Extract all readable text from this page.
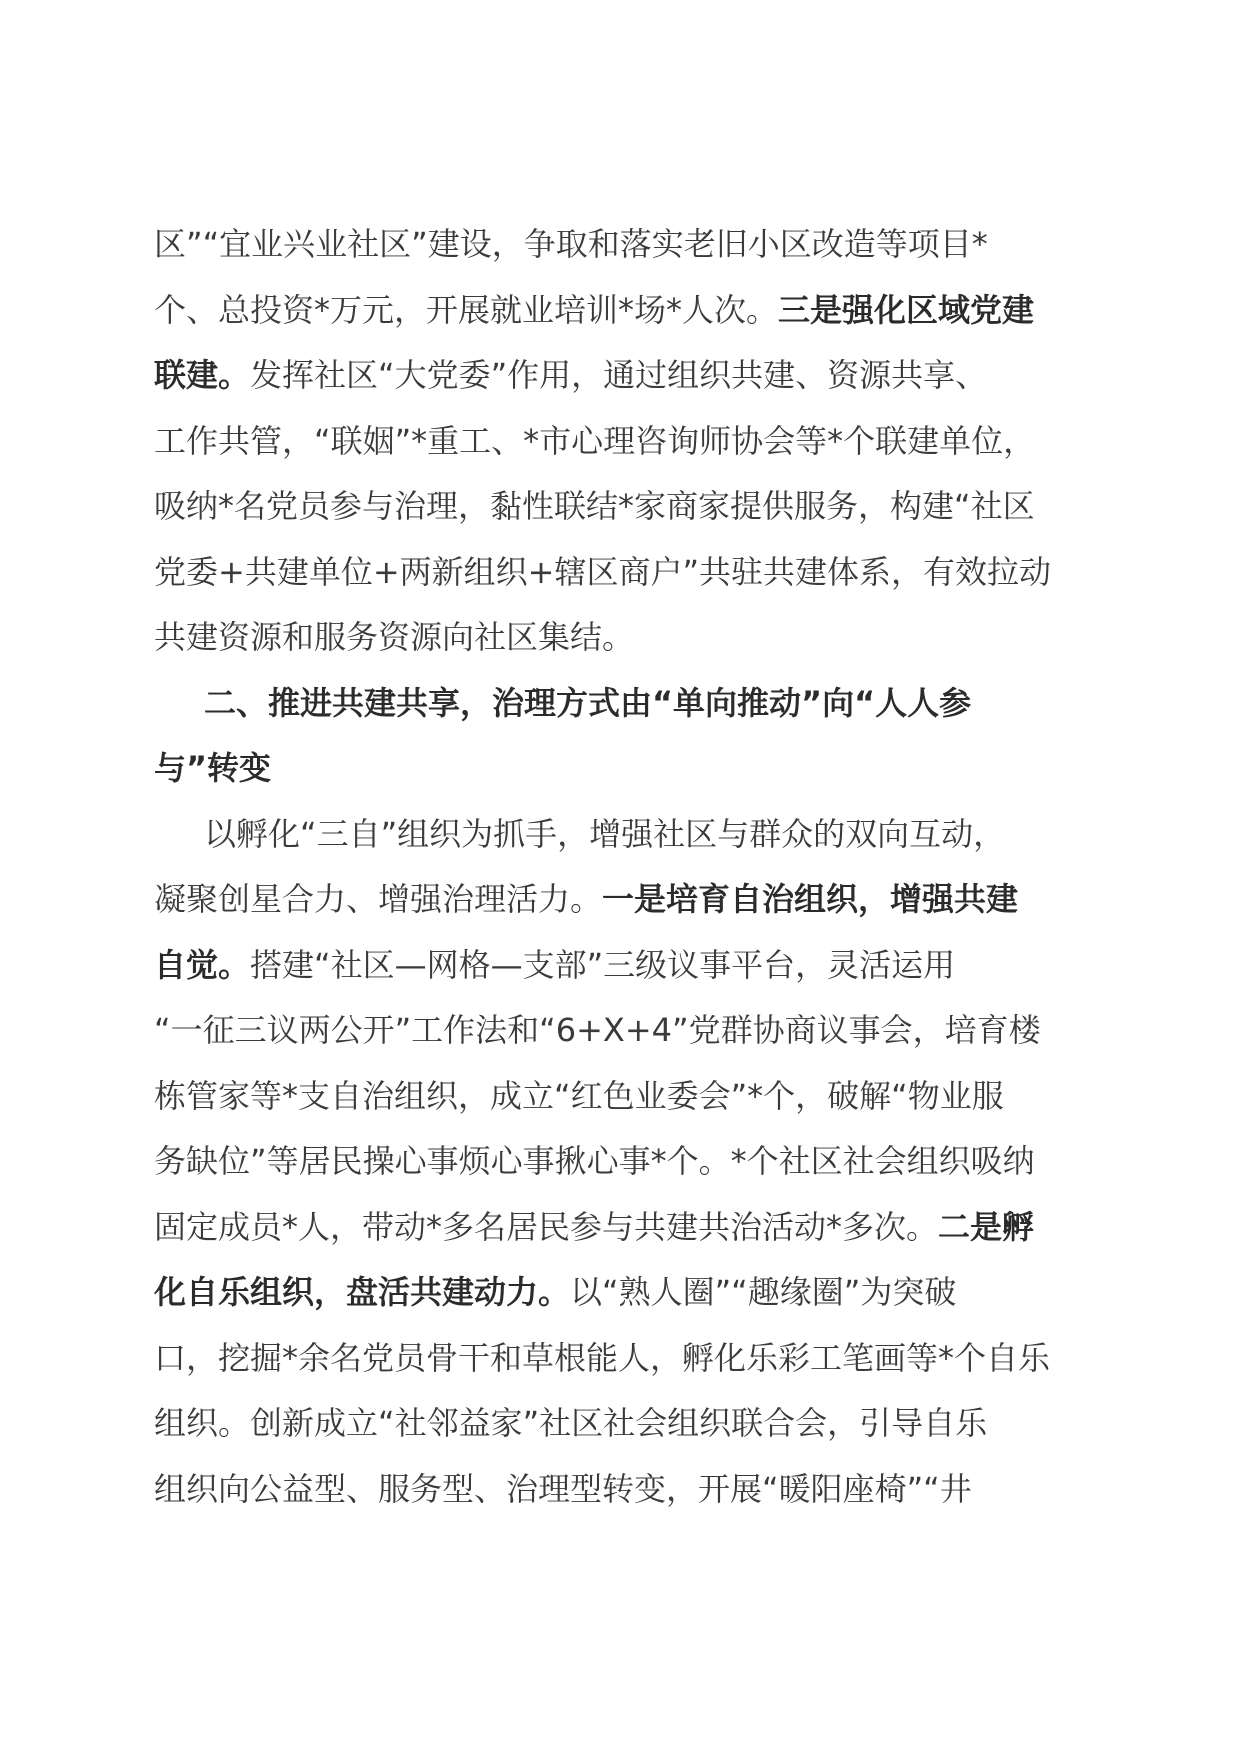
区”“宜业兴业社区”建设，争取和落实老旧小区改造等项目*
个、总投资*万元，开展就业培训*场*人次。三是强化区域党建
联建。发挥社区“大党委”作用，通过组织共建、资源共享、
工作共管，“联姻”*重工、*市心理咨询师协会等*个联建单位，
吸纳*名党员参与治理，黏性联结*家商家提供服务，构建“社区
党委+共建单位+两新组织+辖区商户”共驻共建体系，有效拉动
共建资源和服务资源向社区集结。
二、推进共建共享，治理方式由“单向推动”向“人人参
与”转变
以孵化“三自”组织为抓手，增强社区与群众的双向互动，
凝聚创星合力、增强治理活力。一是培育自治组织，增强共建
自觉。搭建“社区—网格—支部”三级议事平台，灵活运用
“一征三议两公开”工作法和“6+X+4”党群协商议事会，培育楼
栋管家等*支自治组织，成立“红色业委会”*个，破解“物业服
务缺位”等居民操心事烦心事揪心事*个。*个社区社会组织吸纳
固定成员*人，带动*多名居民参与共建共治活动*多次。二是孵
化自乐组织，盘活共建动力。以“熟人圈”“趣缘圈”为突破
口，挖掘*余名党员骨干和草根能人，孵化乐彩工笔画等*个自乐
组织。创新成立“社邻益家”社区社会组织联合会，引导自乐
组织向公益型、服务型、治理型转变，开展“暖阳座椅”“井
